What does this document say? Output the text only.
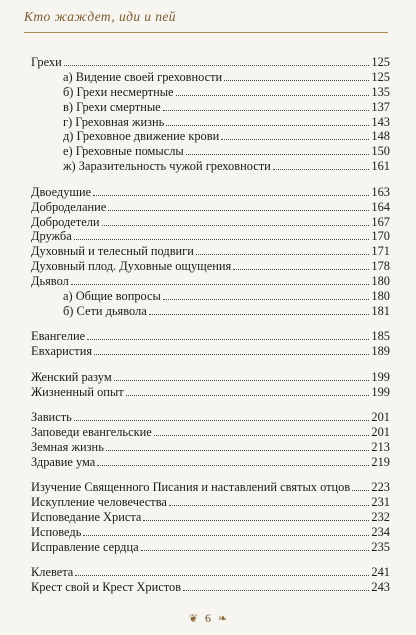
Кто жаждет, иди и пей
Грехи	125
а) Видение своей греховности	125
б) Грехи несмертные	135
в) Грехи смертные	137
г) Греховная жизнь	143
д) Греховное движение крови	148
е) Греховные помыслы	150
ж) Заразительность чужой греховности	161
Двоедушие	163
Доброделание	164
Добродетели	167
Дружба	170
Духовный и телесный подвиги	171
Духовный плод. Духовные ощущения	178
Дьявол	180
а) Общие вопросы	180
б) Сети дьявола	181
Евангелие	185
Евхаристия	189
Женский разум	199
Жизненный опыт	199
Зависть	201
Заповеди евангельские	201
Земная жизнь	213
Здравие ума	219
Изучение Священного Писания и наставлений святых отцов 223
Искупление человечества	231
Исповедание Христа	232
Исповедь	234
Исправление сердца	235
Клевета	241
Крест свой и Крест Христов	243
❦ 6 ❧
